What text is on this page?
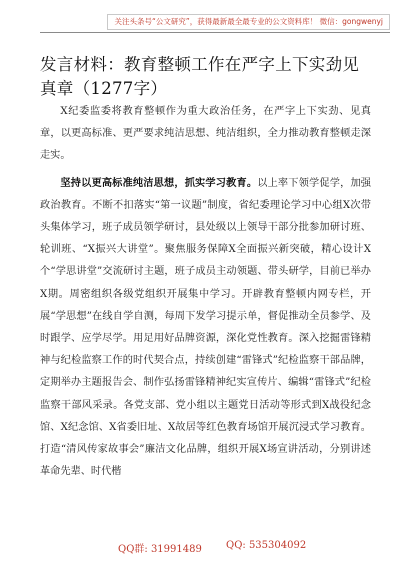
关注头条号“公文研究”，获得最新最全最专业的公文资料库！ 微信：gongwenyj
发言材料：教育整顿工作在严字上下实劲见真章（1277字）

X纪委监委将教育整顿作为重大政治任务，在严字上下实劲、见真章，以更高标准、更严要求纯洁思想、纯洁组织，全力推动教育整顿走深走实。

坚持以更高标准纯洁思想，抓实学习教育。以上率下领学促学，加强政治教育。不断不扣落实“第一议题”制度，省纪委理论学习中心组X次带头集体学习，班子成员领学研讨，县处级以上领导干部分批参加研讨班、轮训班、“X振兴大讲堂”。聚焦服务保障X全面振兴新突破，精心设计X个“学思讲堂”交流研讨主题，班子成员主动领题、带头研学，目前已举办X期。周密组织各级党组织开展集中学习。开辟教育整顿内网专栏，开展“学思想”在线自学自测，每周下发学习提示单，督促推动全员参学、及时跟学、应学尽学。用足用好品牌资源，深化党性教育。深入挖掘雷锋精神与纪检监察工作的时代契合点，持续创建“雷锋式”纪检监察干部品牌，定期举办主题报告会、制作弘扬雷锋精神纪实宣传片、编辑“雷锋式”纪检监察干部风采录。各党支部、党小组以主题党日活动等形式到X战役纪念馆、X纪念馆、X省委旧址、X故居等红色教育场馆开展沉浸式学习教育。打造“清风传家故事会”廉洁文化品牌，组织开展X场宣讲活动，分别讲述革命先辈、时代楷

QQ群: 31991489 QQ: 535304092
